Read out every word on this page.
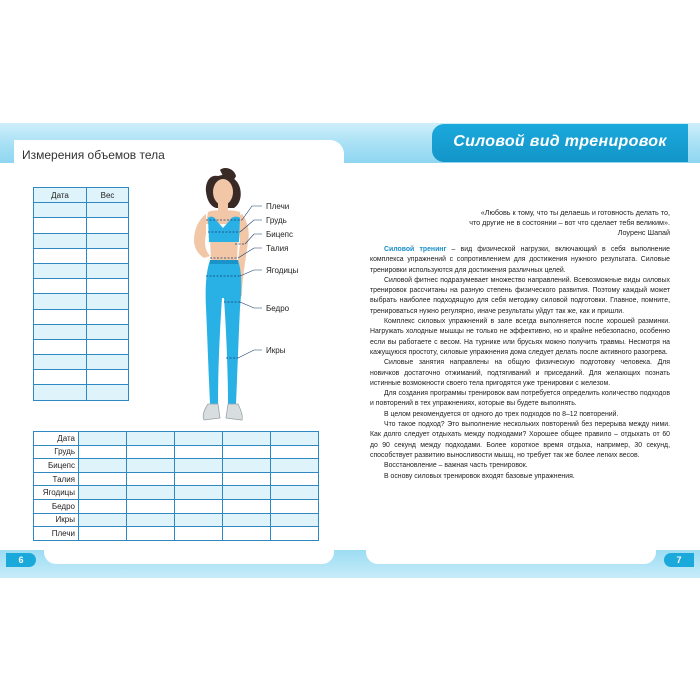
Измерения объемов тела
Силовой вид тренировок
Дата	Вес

Плечи
Грудь
Бицепс
Талия
Ягодицы
Бедро
Икры
Дата					
Грудь					
Бицепс					
Талия					
Ягодицы					
Бедро					
Икры					
Плечи					
«Любовь к тому, что ты делаешь и готовность делать то,
что другие не в состоянии – вот что сделает тебя великим».
Лоуренс Шапай

Силовой тренинг – вид физической нагрузки, включающий в себя выполнение комплекса упражнений с сопротивлением для достижения нужного результата. Силовые тренировки используются для достижения различных целей.

Силовой фитнес подразумевает множество направлений. Всевозможные виды силовых тренировок рассчитаны на разную степень физического развития. Поэтому каждый может выбрать наиболее подходящую для себя методику силовой подготовки. Главное, помните, тренироваться нужно регулярно, иначе результаты уйдут так же, как и пришли.

Комплекс силовых упражнений в зале всегда выполняется после хорошей разминки. Нагружать холодные мышцы не только не эффективно, но и крайне небезопасно, особенно если вы работаете с весом. На турнике или брусьях можно получить травмы. Несмотря на кажущуюся простоту, силовые упражнения дома следует делать после активного разогрева.

Силовые занятия направлены на общую физическую подготовку человека. Для новичков достаточно отжиманий, подтягиваний и приседаний. Для желающих познать истинные возможности своего тела пригодятся уже тренировки с железом.

Для создания программы тренировок вам потребуется определить количество подходов и повторений в тех упражнениях, которые вы будете выполнять.

В целом рекомендуется от одного до трех подходов по 8–12 повторений.

Что такое подход? Это выполнение нескольких повторений без перерыва между ними. Как долго следует отдыхать между подходами? Хорошее общее правило – отдыхать от 60 до 90 секунд между подходами. Более короткое время отдыха, например, 30 секунд, способствует развитию выносливости мышц, но требует так же более легких весов.

Восстановление – важная часть тренировок.

В основу силовых тренировок входят базовые упражнения.

6	7
